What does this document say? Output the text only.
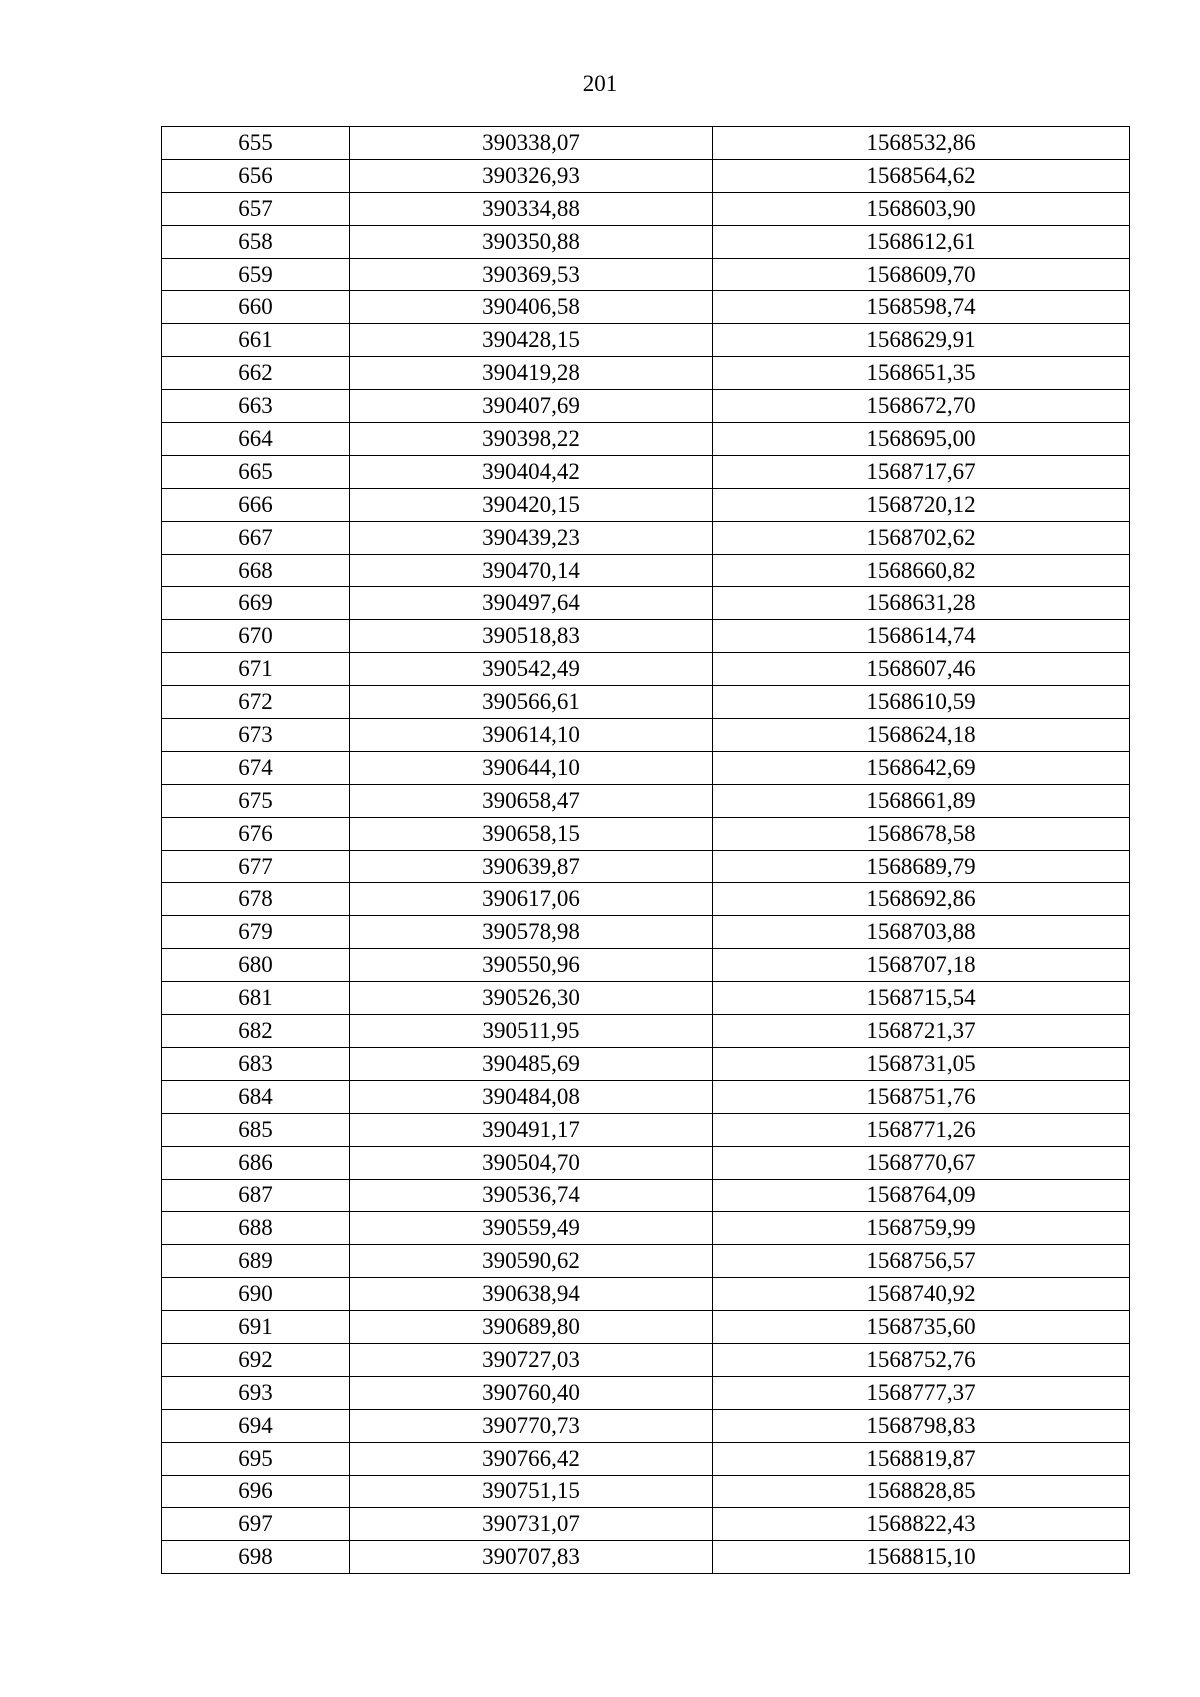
201
655	390338,07	1568532,86
656	390326,93	1568564,62
657	390334,88	1568603,90
658	390350,88	1568612,61
659	390369,53	1568609,70
660	390406,58	1568598,74
661	390428,15	1568629,91
662	390419,28	1568651,35
663	390407,69	1568672,70
664	390398,22	1568695,00
665	390404,42	1568717,67
666	390420,15	1568720,12
667	390439,23	1568702,62
668	390470,14	1568660,82
669	390497,64	1568631,28
670	390518,83	1568614,74
671	390542,49	1568607,46
672	390566,61	1568610,59
673	390614,10	1568624,18
674	390644,10	1568642,69
675	390658,47	1568661,89
676	390658,15	1568678,58
677	390639,87	1568689,79
678	390617,06	1568692,86
679	390578,98	1568703,88
680	390550,96	1568707,18
681	390526,30	1568715,54
682	390511,95	1568721,37
683	390485,69	1568731,05
684	390484,08	1568751,76
685	390491,17	1568771,26
686	390504,70	1568770,67
687	390536,74	1568764,09
688	390559,49	1568759,99
689	390590,62	1568756,57
690	390638,94	1568740,92
691	390689,80	1568735,60
692	390727,03	1568752,76
693	390760,40	1568777,37
694	390770,73	1568798,83
695	390766,42	1568819,87
696	390751,15	1568828,85
697	390731,07	1568822,43
698	390707,83	1568815,10
